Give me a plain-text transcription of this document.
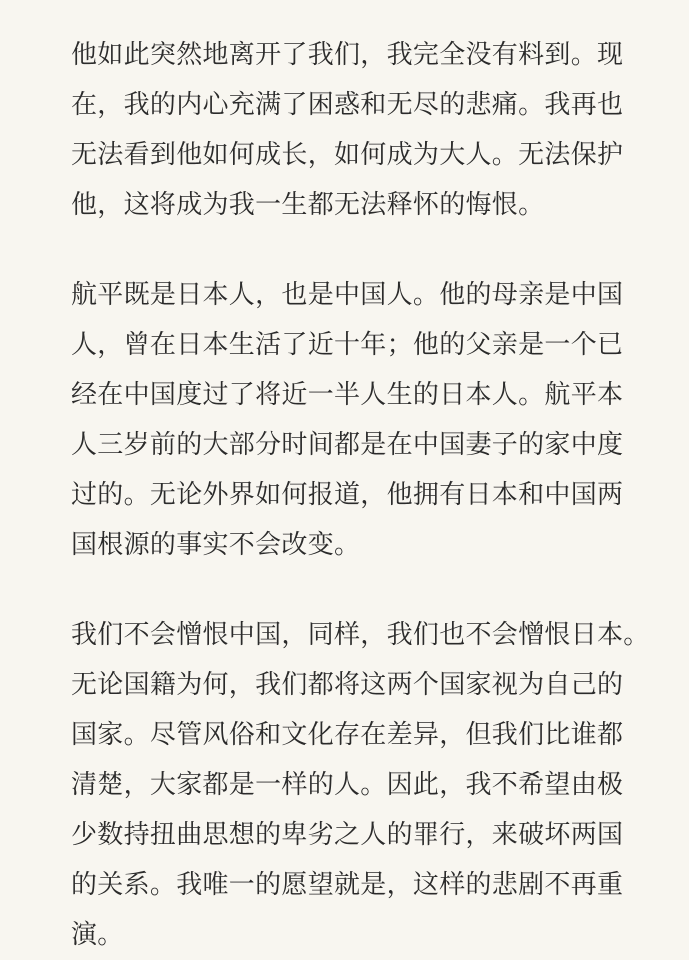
他如此突然地离开了我们，我完全没有料到。现
在，我的内心充满了困惑和无尽的悲痛。我再也
无法看到他如何成长，如何成为大人。无法保护
他，这将成为我一生都无法释怀的悔恨。
航平既是日本人，也是中国人。他的母亲是中国
人，曾在日本生活了近十年；他的父亲是一个已
经在中国度过了将近一半人生的日本人。航平本
人三岁前的大部分时间都是在中国妻子的家中度
过的。无论外界如何报道，他拥有日本和中国两
国根源的事实不会改变。
我们不会憎恨中国，同样，我们也不会憎恨日本。
无论国籍为何，我们都将这两个国家视为自己的
国家。尽管风俗和文化存在差异，但我们比谁都
清楚，大家都是一样的人。因此，我不希望由极
少数持扭曲思想的卑劣之人的罪行，来破坏两国
的关系。我唯一的愿望就是，这样的悲剧不再重
演。
